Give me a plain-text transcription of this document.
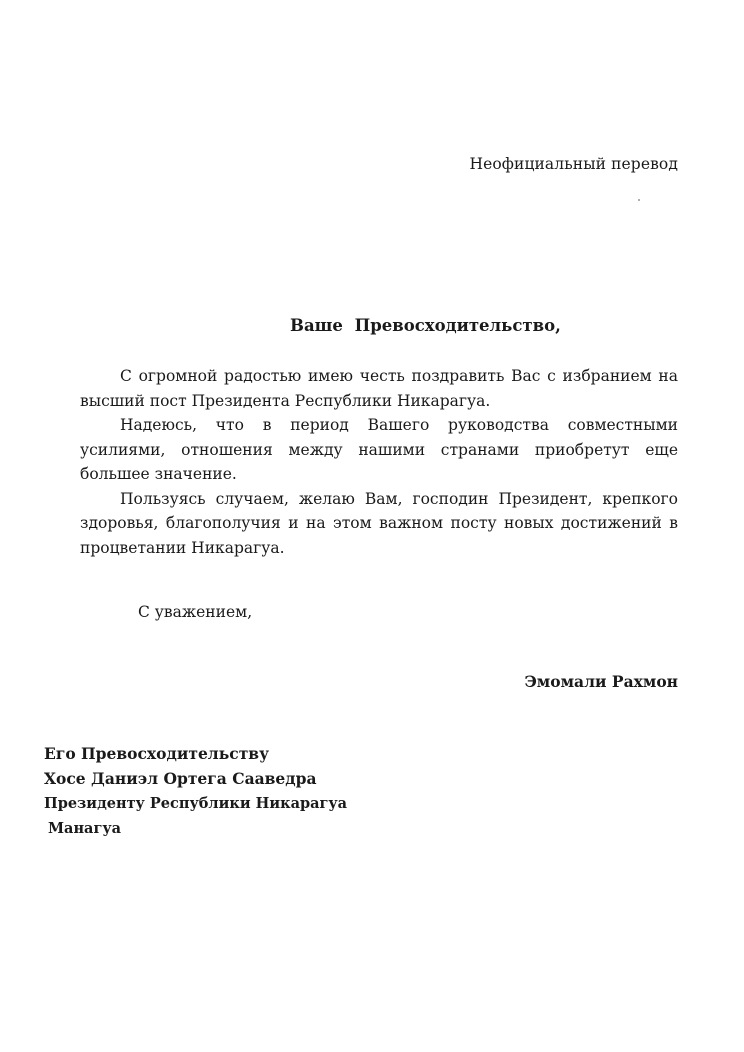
Неофициальный перевод
Ваше Превосходительство,

С огромной радостью имею честь поздравить Вас с избранием на высший пост Президента Республики Никарагуа.

Надеюсь, что в период Вашего руководства совместными усилиями, отношения между нашими странами приобретут еще большее значение.

Пользуясь случаем, желаю Вам, господин Президент, крепкого здоровья, благополучия и на этом важном посту новых достижений в процветании Никарагуа.

С уважением,
Эмомали Рахмон
Его Превосходительству
Хосе Даниэл Ортега Сааведра
Президенту Республики Никарагуа
Манагуа
